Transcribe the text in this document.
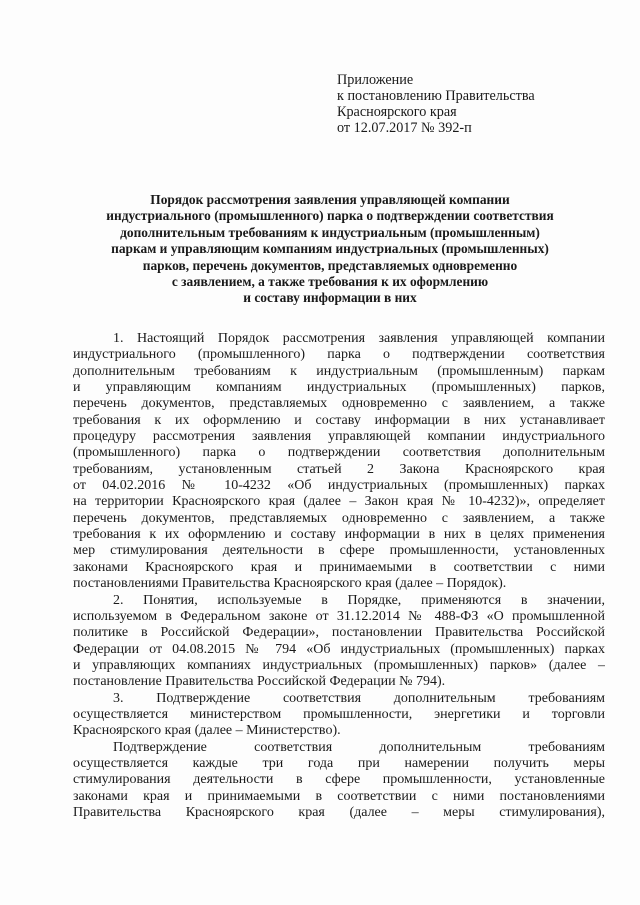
Приложение
к постановлению Правительства
Красноярского края
от 12.07.2017 № 392-п
Порядок рассмотрения заявления управляющей компании
индустриального (промышленного) парка о подтверждении соответствия
дополнительным требованиям к индустриальным (промышленным)
паркам и управляющим компаниям индустриальных (промышленных)
парков, перечень документов, представляемых одновременно
с заявлением, а также требования к их оформлению
и составу информации в них
1. Настоящий Порядок рассмотрения заявления управляющей компании
индустриального (промышленного) парка о подтверждении соответствия
дополнительным требованиям к индустриальным (промышленным) паркам
и управляющим компаниям индустриальных (промышленных) парков,
перечень документов, представляемых одновременно с заявлением, а также
требования к их оформлению и составу информации в них устанавливает
процедуру рассмотрения заявления управляющей компании индустриального
(промышленного) парка о подтверждении соответствия дополнительным
требованиям, установленным статьей 2 Закона Красноярского края
от 04.02.2016 № 10-4232 «Об индустриальных (промышленных) парках
на территории Красноярского края (далее – Закон края № 10-4232)», определяет
перечень документов, представляемых одновременно с заявлением, а также
требования к их оформлению и составу информации в них в целях применения
мер стимулирования деятельности в сфере промышленности, установленных
законами Красноярского края и принимаемыми в соответствии с ними
постановлениями Правительства Красноярского края (далее – Порядок).
2. Понятия, используемые в Порядке, применяются в значении,
используемом в Федеральном законе от 31.12.2014 № 488-ФЗ «О промышленной
политике в Российской Федерации», постановлении Правительства Российской
Федерации от 04.08.2015 № 794 «Об индустриальных (промышленных) парках
и управляющих компаниях индустриальных (промышленных) парков» (далее –
постановление Правительства Российской Федерации № 794).
3. Подтверждение соответствия дополнительным требованиям
осуществляется министерством промышленности, энергетики и торговли
Красноярского края (далее – Министерство).
Подтверждение соответствия дополнительным требованиям
осуществляется каждые три года при намерении получить меры
стимулирования деятельности в сфере промышленности, установленные
законами края и принимаемыми в соответствии с ними постановлениями
Правительства Красноярского края (далее – меры стимулирования),
